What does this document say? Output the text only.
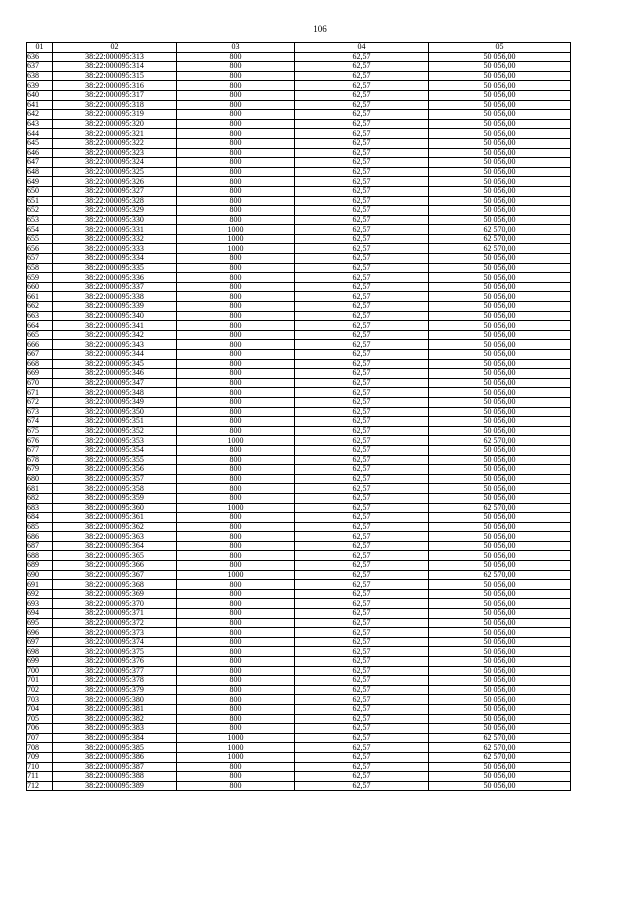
106
01	02	03	04	05
636	38:22:000095:313	800	62,57	50 056,00
637	38:22:000095:314	800	62,57	50 056,00
638	38:22:000095:315	800	62,57	50 056,00
639	38:22:000095:316	800	62,57	50 056,00
640	38:22:000095:317	800	62,57	50 056,00
641	38:22:000095:318	800	62,57	50 056,00
642	38:22:000095:319	800	62,57	50 056,00
643	38:22:000095:320	800	62,57	50 056,00
644	38:22:000095:321	800	62,57	50 056,00
645	38:22:000095:322	800	62,57	50 056,00
646	38:22:000095:323	800	62,57	50 056,00
647	38:22:000095:324	800	62,57	50 056,00
648	38:22:000095:325	800	62,57	50 056,00
649	38:22:000095:326	800	62,57	50 056,00
650	38:22:000095:327	800	62,57	50 056,00
651	38:22:000095:328	800	62,57	50 056,00
652	38:22:000095:329	800	62,57	50 056,00
653	38:22:000095:330	800	62,57	50 056,00
654	38:22:000095:331	1000	62,57	62 570,00
655	38:22:000095:332	1000	62,57	62 570,00
656	38:22:000095:333	1000	62,57	62 570,00
657	38:22:000095:334	800	62,57	50 056,00
658	38:22:000095:335	800	62,57	50 056,00
659	38:22:000095:336	800	62,57	50 056,00
660	38:22:000095:337	800	62,57	50 056,00
661	38:22:000095:338	800	62,57	50 056,00
662	38:22:000095:339	800	62,57	50 056,00
663	38:22:000095:340	800	62,57	50 056,00
664	38:22:000095:341	800	62,57	50 056,00
665	38:22:000095:342	800	62,57	50 056,00
666	38:22:000095:343	800	62,57	50 056,00
667	38:22:000095:344	800	62,57	50 056,00
668	38:22:000095:345	800	62,57	50 056,00
669	38:22:000095:346	800	62,57	50 056,00
670	38:22:000095:347	800	62,57	50 056,00
671	38:22:000095:348	800	62,57	50 056,00
672	38:22:000095:349	800	62,57	50 056,00
673	38:22:000095:350	800	62,57	50 056,00
674	38:22:000095:351	800	62,57	50 056,00
675	38:22:000095:352	800	62,57	50 056,00
676	38:22:000095:353	1000	62,57	62 570,00
677	38:22:000095:354	800	62,57	50 056,00
678	38:22:000095:355	800	62,57	50 056,00
679	38:22:000095:356	800	62,57	50 056,00
680	38:22:000095:357	800	62,57	50 056,00
681	38:22:000095:358	800	62,57	50 056,00
682	38:22:000095:359	800	62,57	50 056,00
683	38:22:000095:360	1000	62,57	62 570,00
684	38:22:000095:361	800	62,57	50 056,00
685	38:22:000095:362	800	62,57	50 056,00
686	38:22:000095:363	800	62,57	50 056,00
687	38:22:000095:364	800	62,57	50 056,00
688	38:22:000095:365	800	62,57	50 056,00
689	38:22:000095:366	800	62,57	50 056,00
690	38:22:000095:367	1000	62,57	62 570,00
691	38:22:000095:368	800	62,57	50 056,00
692	38:22:000095:369	800	62,57	50 056,00
693	38:22:000095:370	800	62,57	50 056,00
694	38:22:000095:371	800	62,57	50 056,00
695	38:22:000095:372	800	62,57	50 056,00
696	38:22:000095:373	800	62,57	50 056,00
697	38:22:000095:374	800	62,57	50 056,00
698	38:22:000095:375	800	62,57	50 056,00
699	38:22:000095:376	800	62,57	50 056,00
700	38:22:000095:377	800	62,57	50 056,00
701	38:22:000095:378	800	62,57	50 056,00
702	38:22:000095:379	800	62,57	50 056,00
703	38:22:000095:380	800	62,57	50 056,00
704	38:22:000095:381	800	62,57	50 056,00
705	38:22:000095:382	800	62,57	50 056,00
706	38:22:000095:383	800	62,57	50 056,00
707	38:22:000095:384	1000	62,57	62 570,00
708	38:22:000095:385	1000	62,57	62 570,00
709	38:22:000095:386	1000	62,57	62 570,00
710	38:22:000095:387	800	62,57	50 056,00
711	38:22:000095:388	800	62,57	50 056,00
712	38:22:000095:389	800	62,57	50 056,00
